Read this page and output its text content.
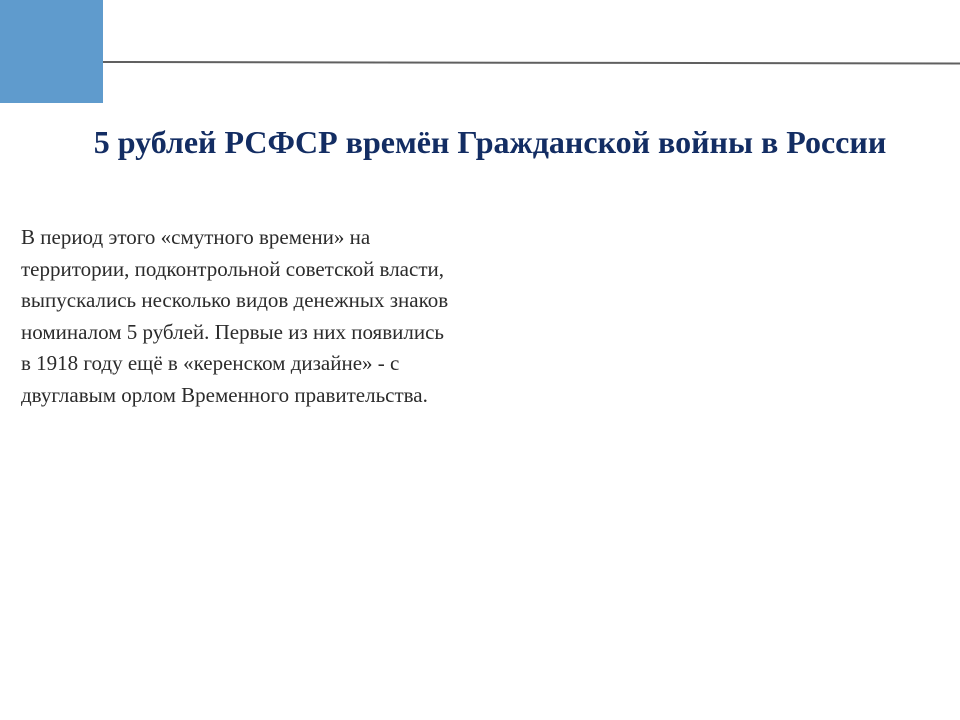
5 рублей РСФСР времён Гражданской войны в России

В период этого «смутного времени» на территории, подконтрольной советской власти, выпускались несколько видов денежных знаков номиналом 5 рублей. Первые из них появились в 1918 году ещё в «керенском дизайне» - с двуглавым орлом Временного правительства.
